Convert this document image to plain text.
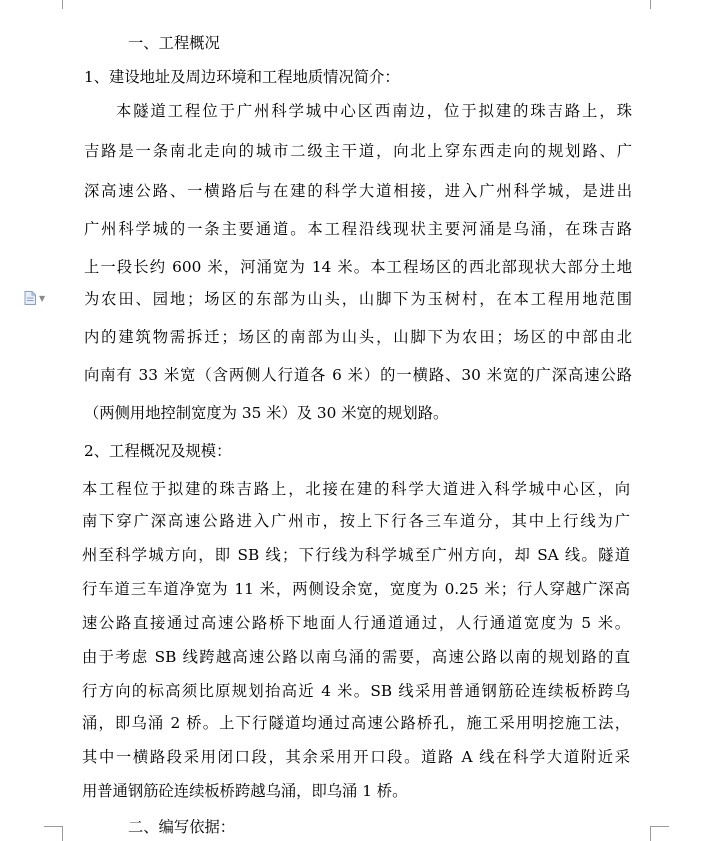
▼
一、工程概况
1、建设地址及周边环境和工程地质情况简介：
本隧道工程位于广州科学城中心区西南边，位于拟建的珠吉路上，珠
吉路是一条南北走向的城市二级主干道，向北上穿东西走向的规划路、广
深高速公路、一横路后与在建的科学大道相接，进入广州科学城，是进出
广州科学城的一条主要通道。本工程沿线现状主要河涌是乌涌，在珠吉路
上一段长约 600 米，河涌宽为 14 米。本工程场区的西北部现状大部分土地
为农田、园地；场区的东部为山头，山脚下为玉树村，在本工程用地范围
内的建筑物需拆迁；场区的南部为山头，山脚下为农田；场区的中部由北
向南有 33 米宽（含两侧人行道各 6 米）的一横路、30 米宽的广深高速公路
（两侧用地控制宽度为 35 米）及 30 米宽的规划路。
2、工程概况及规模：
本工程位于拟建的珠吉路上，北接在建的科学大道进入科学城中心区，向
南下穿广深高速公路进入广州市，按上下行各三车道分，其中上行线为广
州至科学城方向，即 SB 线；下行线为科学城至广州方向，却 SA 线。隧道
行车道三车道净宽为 11 米，两侧设余宽，宽度为 0.25 米；行人穿越广深高
速公路直接通过高速公路桥下地面人行通道通过，人行通道宽度为 5 米。
由于考虑 SB 线跨越高速公路以南乌涌的需要，高速公路以南的规划路的直
行方向的标高须比原规划抬高近 4 米。SB 线采用普通钢筋砼连续板桥跨乌
涌，即乌涌 2 桥。上下行隧道均通过高速公路桥孔，施工采用明挖施工法，
其中一横路段采用闭口段，其余采用开口段。道路 A 线在科学大道附近采
用普通钢筋砼连续板桥跨越乌涌，即乌涌 1 桥。
二、编写依据：
